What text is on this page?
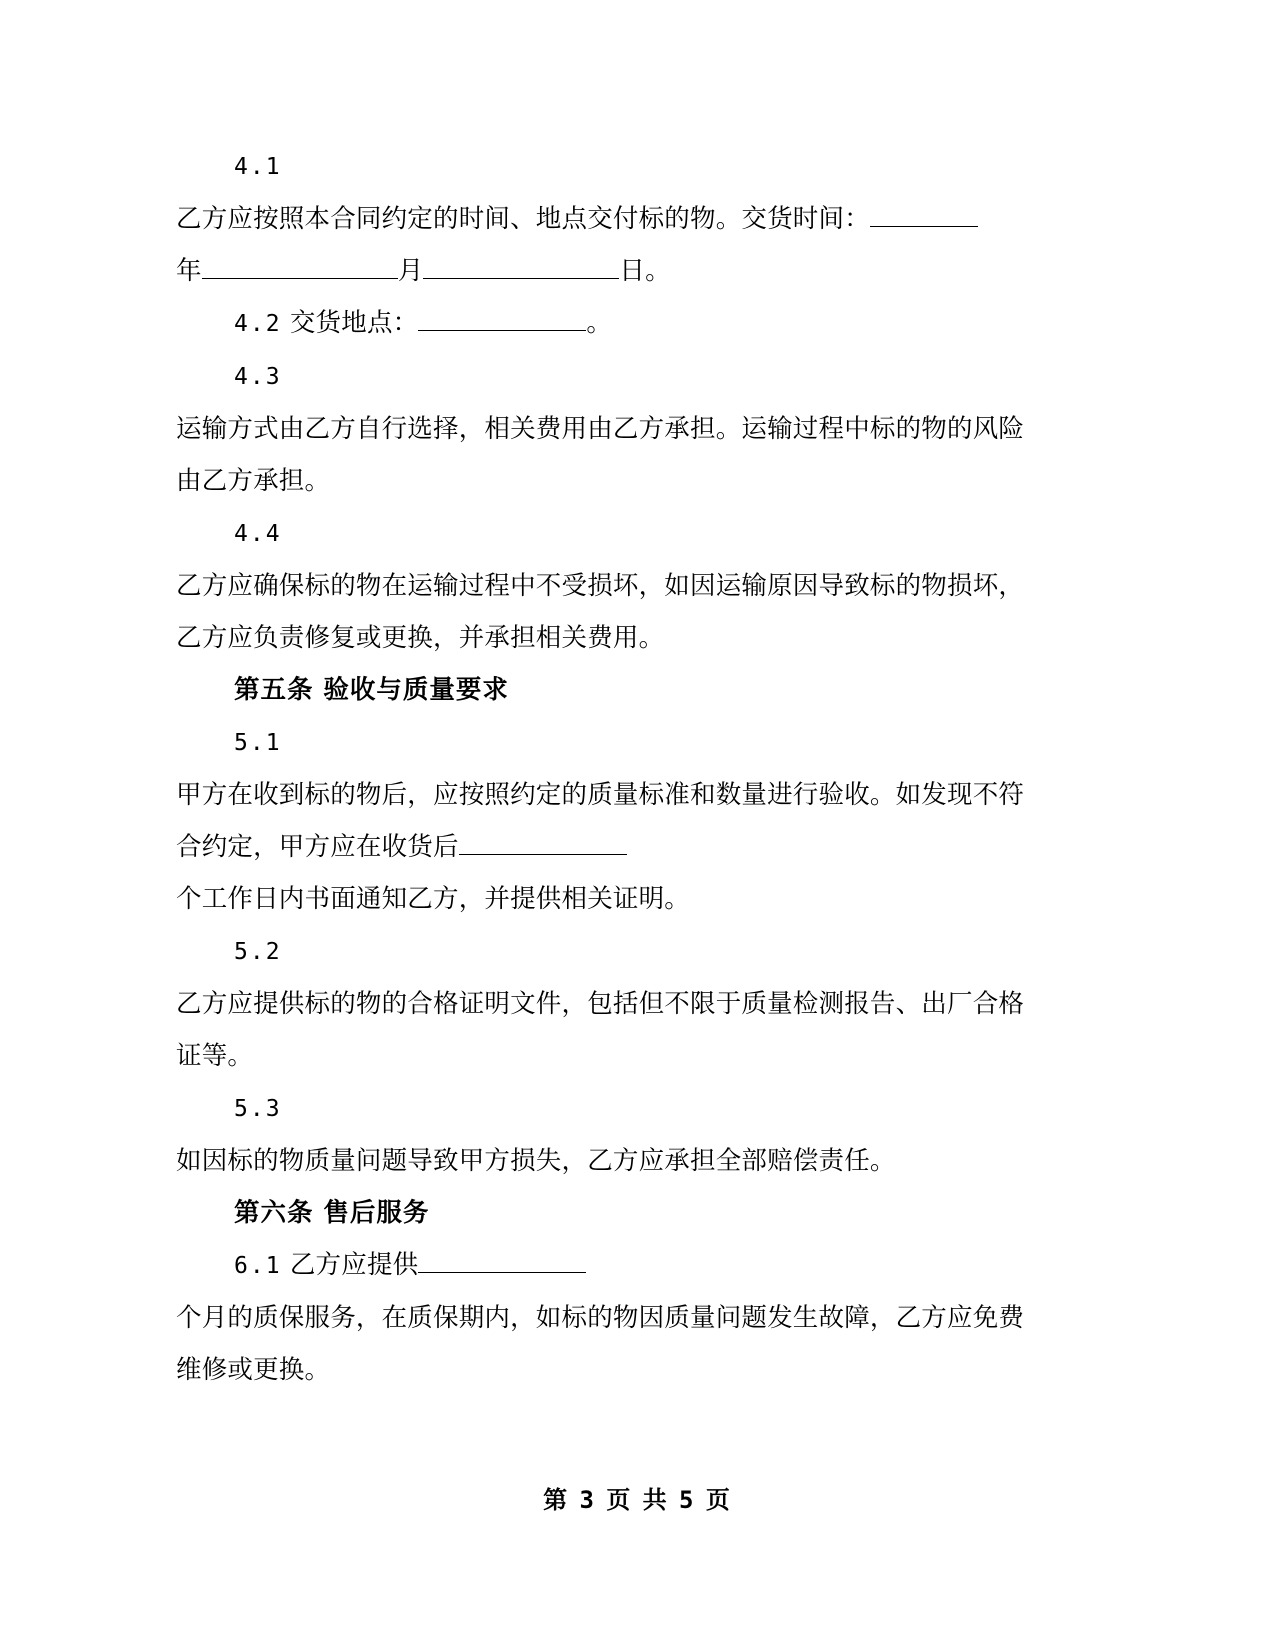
4.1

乙方应按照本合同约定的时间、地点交付标的物。交货时间：
年	月	日。

4.2 交货地点：	。

4.3

运输方式由乙方自行选择，相关费用由乙方承担。运输过程中标的物的风险由乙方承担。

4.4

乙方应确保标的物在运输过程中不受损坏，如因运输原因导致标的物损坏，乙方应负责修复或更换，并承担相关费用。

第五条 验收与质量要求

5.1

甲方在收到标的物后，应按照约定的质量标准和数量进行验收。如发现不符合约定，甲方应在收货后
个工作日内书面通知乙方，并提供相关证明。

5.2

乙方应提供标的物的合格证明文件，包括但不限于质量检测报告、出厂合格证等。

5.3

如因标的物质量问题导致甲方损失，乙方应承担全部赔偿责任。

第六条 售后服务

6.1 乙方应提供

个月的质保服务，在质保期内，如标的物因质量问题发生故障，乙方应免费维修或更换。

第 3 页 共 5 页
